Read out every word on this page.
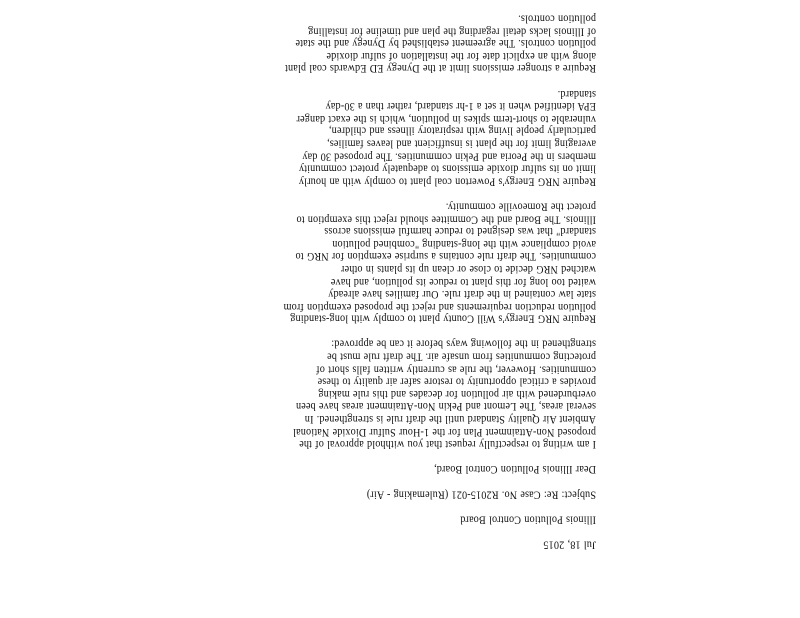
Jul 18, 2015
Illinois Pollution Control Board
Subject: Re: Case No. R2015-021 (Rulemaking - Air)
Dear Illinois Pollution Control Board,
I am writing to respectfully request that you withhold approval of the
proposed Non-Attainment Plan for the 1-Hour Sulfur Dioxide National
Ambient Air Quality Standard until the draft rule is strengthened. In
several areas, The Lemont and Pekin Non-Attainment areas have been
overburdened with air pollution for decades and this rule making
provides a critical opportunity to restore safer air quality to these
communities. However, the rule as currently written falls short of
protecting communities from unsafe air. The draft rule must be
strengthened in the following ways before it can be approved:
Require NRG Energy's Will County plant to comply with long-standing
pollution reduction requirements and reject the proposed exemption from
state law contained in the draft rule. Our families have already
waited too long for this plant to reduce its pollution, and have
watched NRG decide to close or clean up its plants in other
communities. The draft rule contains a surprise exemption for NRG to
avoid compliance with the long-standing "combined pollution
standard" that was designed to reduce harmful emissions across
Illinois. The Board and the Committee should reject this exemption to
protect the Romeoville community.
Require NRG Energy's Powerton coal plant to comply with an hourly
limit on its sulfur dioxide emissions to adequately protect community
members in the Peoria and Pekin communities. The proposed 30 day
averaging limit for the plant is insufficient and leaves families,
particularly people living with respiratory illness and children,
vulnerable to short-term spikes in pollution, which is the exact danger
EPA identified when it set a 1-hr standard, rather than a 30-day
standard.
Require a stronger emissions limit at the Dynegy ED Edwards coal plant
along with an explicit date for the installation of sulfur dioxide
pollution controls. The agreement established by Dynegy and the state
of Illinois lacks detail regarding the plan and timeline for installing
pollution controls.
